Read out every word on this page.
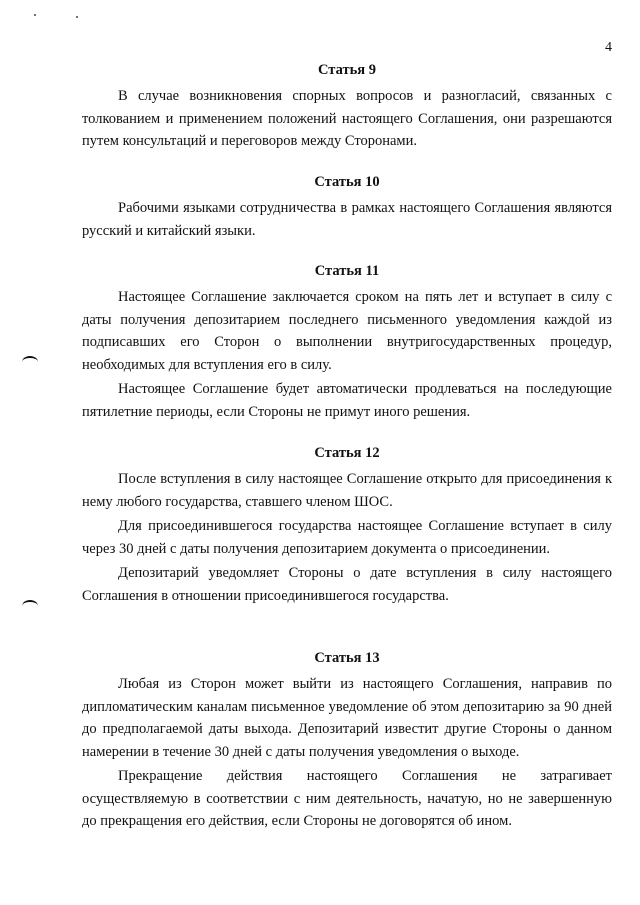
4
Статья 9

В случае возникновения спорных вопросов и разногласий, связанных с толкованием и применением положений настоящего Соглашения, они разрешаются путем консультаций и переговоров между Сторонами.

Статья 10

Рабочими языками сотрудничества в рамках настоящего Соглашения являются русский и китайский языки.

Статья 11

Настоящее Соглашение заключается сроком на пять лет и вступает в силу с даты получения депозитарием последнего письменного уведомления каждой из подписавших его Сторон о выполнении внутригосударственных процедур, необходимых для вступления его в силу.

Настоящее Соглашение будет автоматически продлеваться на последующие пятилетние периоды, если Стороны не примут иного решения.

Статья 12

После вступления в силу настоящее Соглашение открыто для присоединения к нему любого государства, ставшего членом ШОС.

Для присоединившегося государства настоящее Соглашение вступает в силу через 30 дней с даты получения депозитарием документа о присоединении.

Депозитарий уведомляет Стороны о дате вступления в силу настоящего Соглашения в отношении присоединившегося государства.

Статья 13

Любая из Сторон может выйти из настоящего Соглашения, направив по дипломатическим каналам письменное уведомление об этом депозитарию за 90 дней до предполагаемой даты выхода. Депозитарий известит другие Стороны о данном намерении в течение 30 дней с даты получения уведомления о выходе.

Прекращение действия настоящего Соглашения не затрагивает осуществляемую в соответствии с ним деятельность, начатую, но не завершенную до прекращения его действия, если Стороны не договорятся об ином.
